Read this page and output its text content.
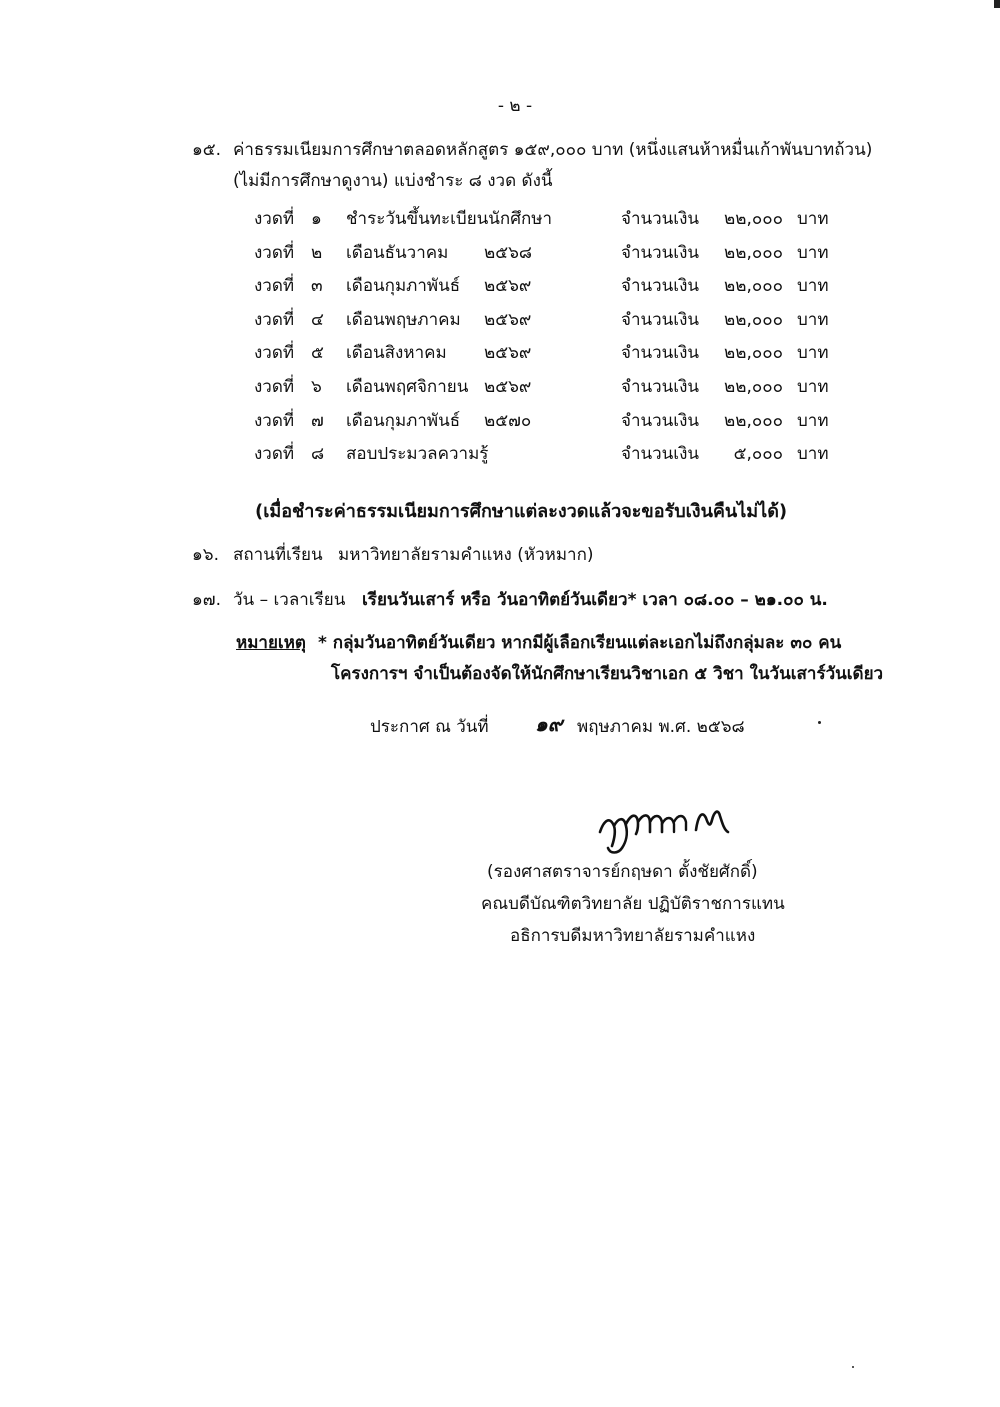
- ๒ -
๑๕. ค่าธรรมเนียมการศึกษาตลอดหลักสูตร ๑๕๙,๐๐๐ บาท (หนึ่งแสนห้าหมื่นเก้าพันบาทถ้วน)
(ไม่มีการศึกษาดูงาน) แบ่งชำระ ๘ งวด ดังนี้
งวดที่ ๑ ชำระวันขึ้นทะเบียนนักศึกษา	จำนวนเงิน	๒๒,๐๐๐ บาท
งวดที่ ๒ เดือนธันวาคม ๒๕๖๘	จำนวนเงิน	๒๒,๐๐๐ บาท
งวดที่ ๓ เดือนกุมภาพันธ์ ๒๕๖๙	จำนวนเงิน	๒๒,๐๐๐ บาท
งวดที่ ๔ เดือนพฤษภาคม ๒๕๖๙	จำนวนเงิน	๒๒,๐๐๐ บาท
งวดที่ ๕ เดือนสิงหาคม ๒๕๖๙	จำนวนเงิน	๒๒,๐๐๐ บาท
งวดที่ ๖ เดือนพฤศจิกายน ๒๕๖๙	จำนวนเงิน	๒๒,๐๐๐ บาท
งวดที่ ๗ เดือนกุมภาพันธ์ ๒๕๗๐	จำนวนเงิน	๒๒,๐๐๐ บาท
งวดที่ ๘ สอบประมวลความรู้	จำนวนเงิน	๕,๐๐๐ บาท
(เมื่อชำระค่าธรรมเนียมการศึกษาแต่ละงวดแล้วจะขอรับเงินคืนไม่ได้)
๑๖. สถานที่เรียน มหาวิทยาลัยรามคำแหง (หัวหมาก)
๑๗. วัน – เวลาเรียน เรียนวันเสาร์ หรือ วันอาทิตย์วันเดียว* เวลา ๐๘.๐๐ – ๒๑.๐๐ น.
หมายเหตุ * กลุ่มวันอาทิตย์วันเดียว หากมีผู้เลือกเรียนแต่ละเอกไม่ถึงกลุ่มละ ๓๐ คน
โครงการฯ จำเป็นต้องจัดให้นักศึกษาเรียนวิชาเอก ๕ วิชา ในวันเสาร์วันเดียว
ประกาศ ณ วันที่ ๑๙ พฤษภาคม พ.ศ. ๒๕๖๘
(รองศาสตราจารย์กฤษดา ตั้งชัยศักดิ์)
คณบดีบัณฑิตวิทยาลัย ปฏิบัติราชการแทน
อธิการบดีมหาวิทยาลัยรามคำแหง
